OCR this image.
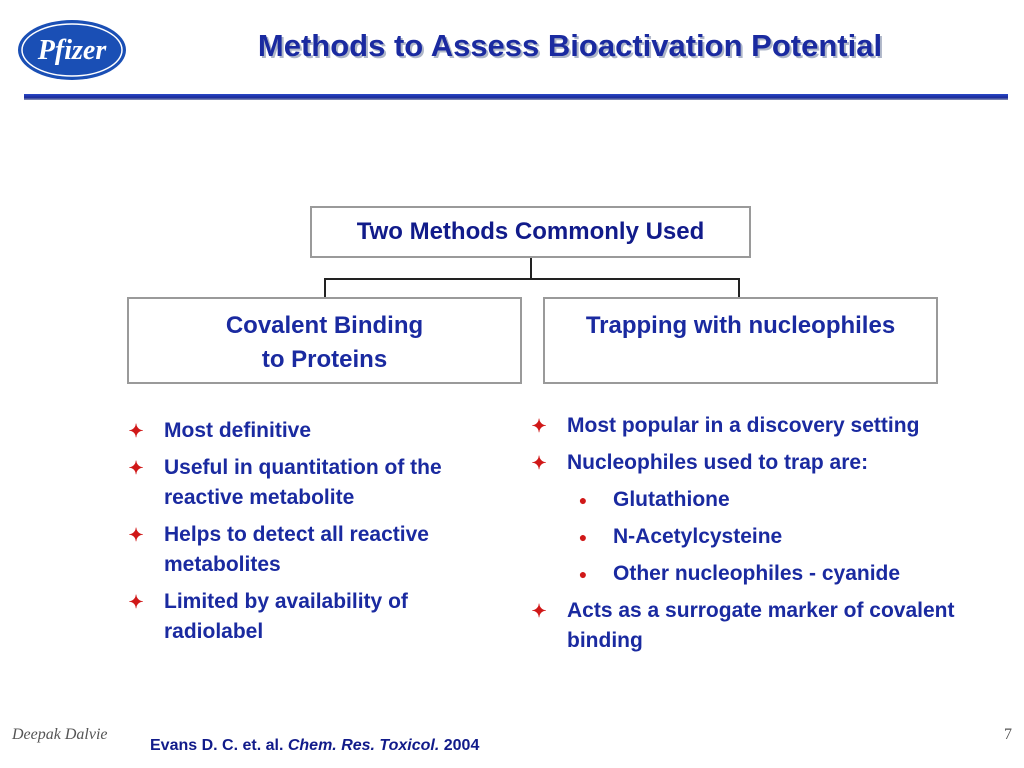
Pfizer	Methods to Assess Bioactivation Potential
Two Methods Commonly Used
Covalent Binding
to Proteins
Trapping with nucleophiles
✦ Most definitive
✦ Useful in quantitation of the reactive metabolite
✦ Helps to detect all reactive metabolites
✦ Limited by availability of radiolabel
✦ Most popular in a discovery setting
✦ Nucleophiles used to trap are:
● Glutathione
● N-Acetylcysteine
● Other nucleophiles - cyanide
✦ Acts as a surrogate marker of covalent binding
Deepak Dalvie
Evans D. C. et. al. Chem. Res. Toxicol. 2004
7
